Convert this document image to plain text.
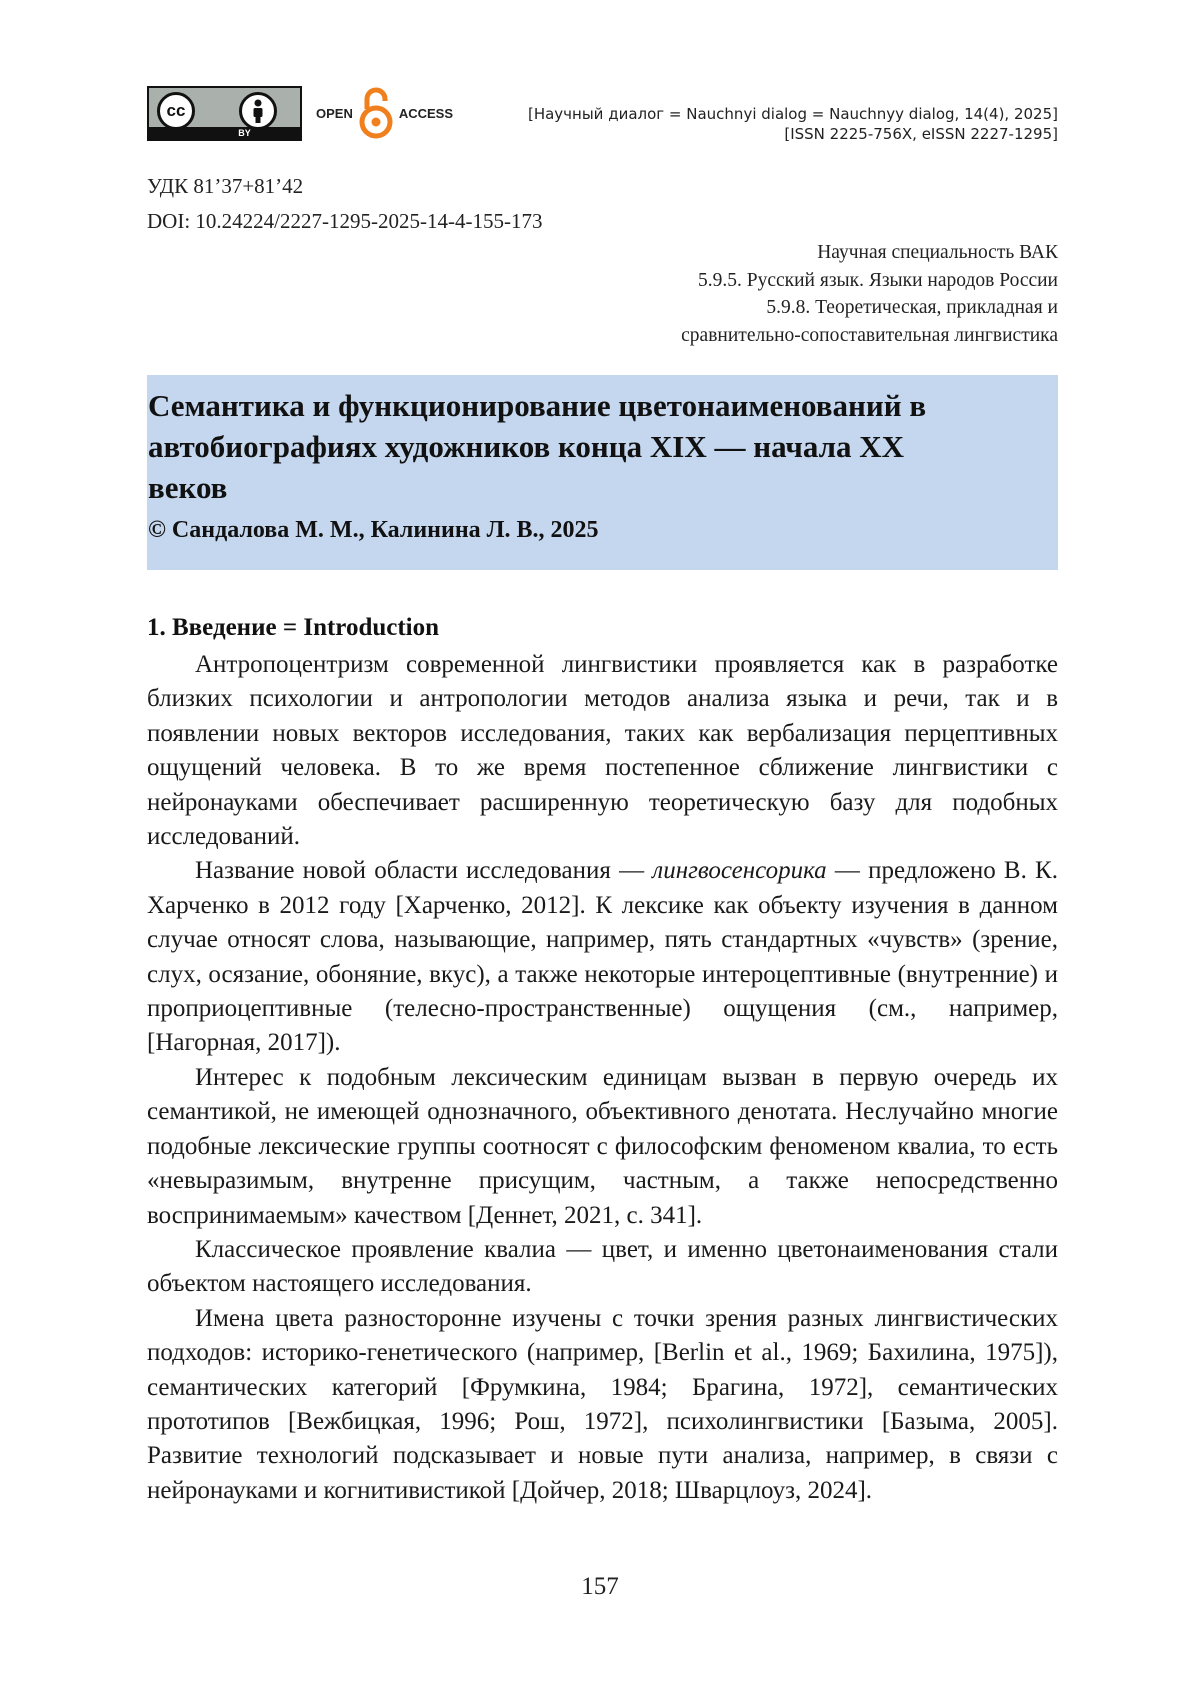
cc
BY
OPEN	ACCESS	[Научный диалог = Nauchnyi dialog = Nauchnyy dialog, 14(4), 2025]
[ISSN 2225-756X, eISSN 2227-1295]
УДК 81’37+81’42
DOI: 10.24224/2227-1295-2025-14-4-155-173
Научная специальность ВАК
5.9.5. Русский язык. Языки народов России
5.9.8. Теоретическая, прикладная и
сравнительно-сопоставительная лингвистика
Семантика и функционирование цветонаименований в автобиографиях художников конца XIX — начала XX веков
© Сандалова М. М., Калинина Л. В., 2025
1. Введение = Introduction

Антропоцентризм современной лингвистики проявляется как в разра­ботке близких психологии и антропологии методов анализа языка и речи, так и в появлении новых векторов исследования, таких как вербализация перцептивных ощущений человека. В то же время постепенное сближение лингвистики с нейронауками обеспечивает расширенную теоретическую базу для подобных исследований.

Название новой области исследования — лингвосенсорика — предло­жено В. К. Харченко в 2012 году [Харченко, 2012]. К лексике как объек­ту изучения в данном случае относят слова, называющие, например, пять стандартных «чувств» (зрение, слух, осязание, обоняние, вкус), а также некоторые интероцептивные (внутренние) и проприоцептивные (телесно-пространственные) ощущения (см., например, [Нагорная, 2017]).

Интерес к подобным лексическим единицам вызван в первую очередь их семантикой, не имеющей однозначного, объективного денотата. Неслу­чайно многие подобные лексические группы соотносят с философским фе­номеном квалиа, то есть «невыразимым, внутренне присущим, частным, а также непосредственно воспринимаемым» качеством [Деннет, 2021, с. 341].

Классическое проявление квалиа — цвет, и именно цветонаименова­ния стали объектом настоящего исследования.

Имена цвета разносторонне изучены с точки зрения разных лингви­стических подходов: историко-генетического (например, [Berlin et al., 1969; Бахилина, 1975]), семантических категорий [Фрумкина, 1984; Браги­на, 1972], семантических прототипов [Вежбицкая, 1996; Рош, 1972], пси­холингвистики [Базыма, 2005]. Развитие технологий подсказывает и новые пути анализа, например, в связи с нейронауками и когнитивистикой [Дой­чер, 2018; Шварцлоуз, 2024].

157
